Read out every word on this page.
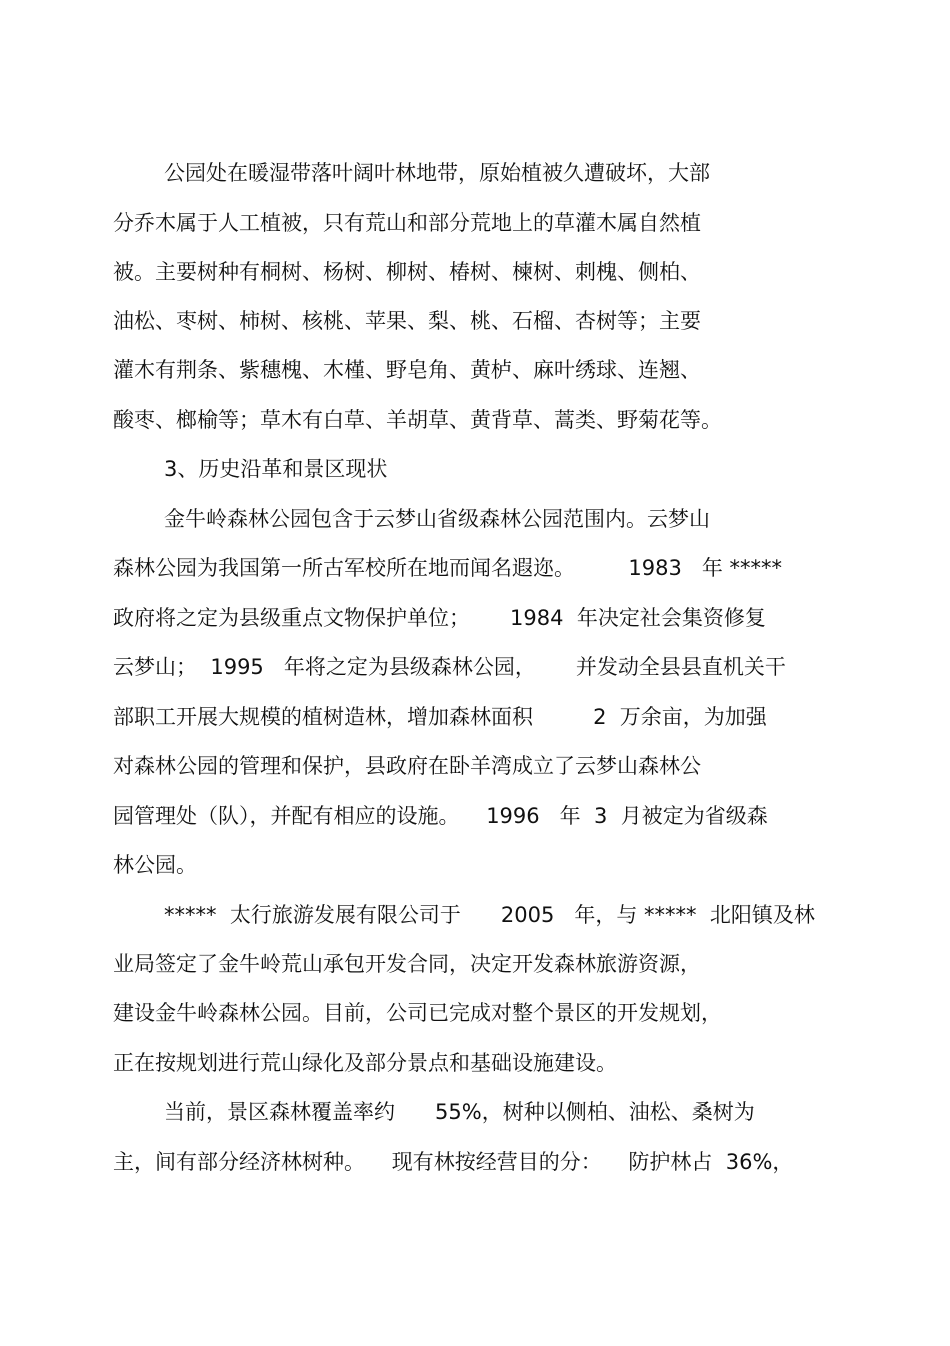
公园处在暖湿带落叶阔叶林地带，原始植被久遭破坏，大部
分乔木属于人工植被，只有荒山和部分荒地上的草灌木属自然植
被。主要树种有桐树、杨树、柳树、椿树、楝树、刺槐、侧柏、
油松、枣树、柿树、核桃、苹果、梨、桃、石榴、杏树等；主要
灌木有荆条、紫穗槐、木槿、野皂角、黄栌、麻叶绣球、连翘、
酸枣、榔榆等；草木有白草、羊胡草、黄背草、蒿类、野菊花等。
3、历史沿革和景区现状
金牛岭森林公园包含于云梦山省级森林公园范围内。云梦山
森林公园为我国第一所古军校所在地而闻名遐迩。        1983   年 *****
政府将之定为县级重点文物保护单位；      1984  年决定社会集资修复
云梦山；  1995   年将之定为县级森林公园，      并发动全县县直机关干
部职工开展大规模的植树造林，增加森林面积         2  万余亩，为加强
对森林公园的管理和保护，县政府在卧羊湾成立了云梦山森林公
园管理处（队），并配有相应的设施。    1996   年  3  月被定为省级森
林公园。
*****  太行旅游发展有限公司于      2005   年，与 *****  北阳镇及林
业局签定了金牛岭荒山承包开发合同，决定开发森林旅游资源，
建设金牛岭森林公园。目前，公司已完成对整个景区的开发规划，
正在按规划进行荒山绿化及部分景点和基础设施建设。
当前，景区森林覆盖率约      55%，树种以侧柏、油松、桑树为
主，间有部分经济林树种。    现有林按经营目的分：    防护林占  36%，
